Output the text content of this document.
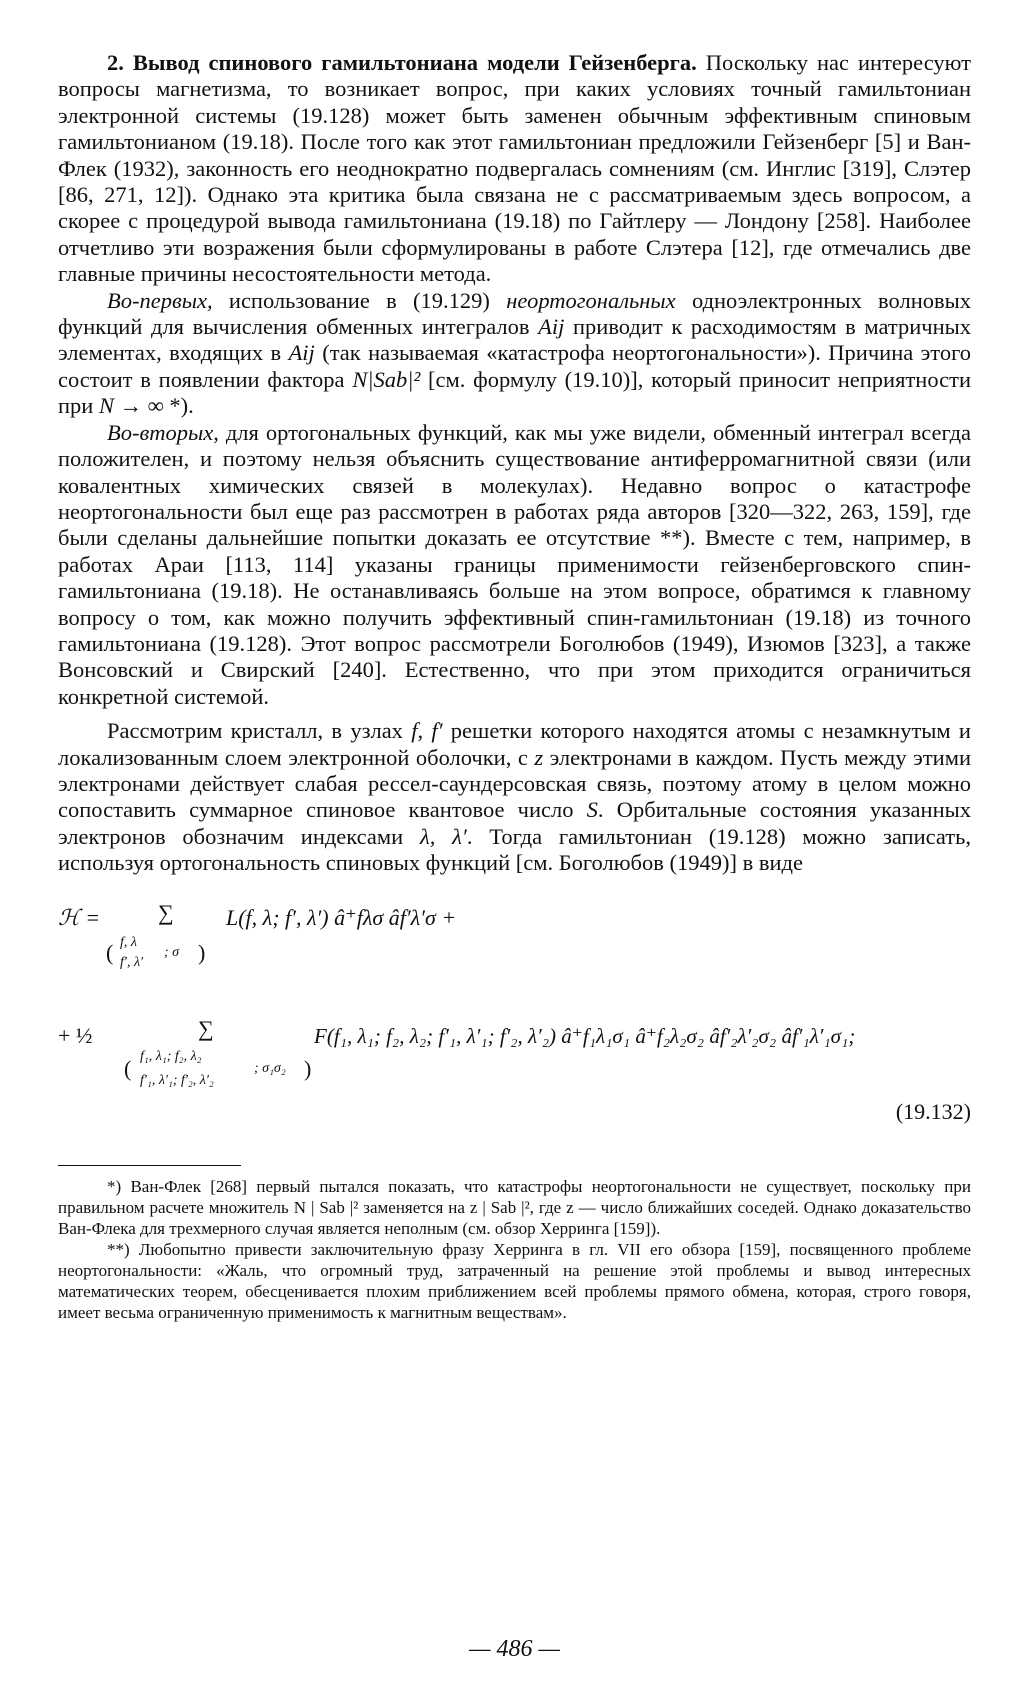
2. Вывод спинового гамильтониана модели Гейзенберга. Поскольку нас интересуют вопросы магнетизма, то возникает вопрос, при каких условиях точный гамильтониан электронной системы (19.128) может быть заменен обычным эффективным спиновым гамильтонианом (19.18). После того как этот гамильтониан предложили Гейзенберг [5] и Ван-Флек (1932), законность его неоднократно подвергалась сомнениям (см. Инглис [319], Слэтер [86, 271, 12]). Однако эта критика была связана не с рассматриваемым здесь вопросом, а скорее с процедурой вывода гамильтониана (19.18) по Гайтлеру — Лондону [258]. Наиболее отчетливо эти возражения были сформулированы в работе Слэтера [12], где отмечались две главные причины несостоятельности метода.

Во-первых, использование в (19.129) неортогональных одноэлектронных волновых функций для вычисления обменных интегралов Aij приводит к расходимостям в матричных элементах, входящих в Aij (так называемая «катастрофа неортогональности»). Причина этого состоит в появлении фактора N|Sab|² [см. формулу (19.10)], который приносит неприятности при N → ∞ *).

Во-вторых, для ортогональных функций, как мы уже видели, обменный интеграл всегда положителен, и поэтому нельзя объяснить существование антиферромагнитной связи (или ковалентных химических связей в молекулах). Недавно вопрос о катастрофе неортогональности был еще раз рассмотрен в работах ряда авторов [320—322, 263, 159], где были сделаны дальнейшие попытки доказать ее отсутствие **). Вместе с тем, например, в работах Араи [113, 114] указаны границы применимости гейзенберговского спин-гамильтониана (19.18). Не останавливаясь больше на этом вопросе, обратимся к главному вопросу о том, как можно получить эффективный спин-гамильтониан (19.18) из точного гамильтониана (19.128). Этот вопрос рассмотрели Боголюбов (1949), Изюмов [323], а также Вонсовский и Свирский [240]. Естественно, что при этом приходится ограничиться конкретной системой.

Рассмотрим кристалл, в узлах f, f′ решетки которого находятся атомы с незамкнутым и локализованным слоем электронной оболочки, с z электронами в каждом. Пусть между этими электронами действует слабая рессел-саундерсовская связь, поэтому атому в целом можно сопоставить суммарное спиновое квантовое число S. Орбитальные состояния указанных электронов обозначим индексами λ, λ′. Тогда гамильтониан (19.128) можно записать, используя ортогональность спиновых функций [см. Боголюбов (1949)] в виде

ℋ =	∑
( f, λ
f′, λ′
; σ )
L(f, λ; f′, λ′) â⁺fλσ âf′λ′σ +
+ ½	∑
( f₁, λ₁; f₂, λ₂
f′₁, λ′₁; f′₂, λ′₂
; σ₁σ₂ )
F(f₁, λ₁; f₂, λ₂; f′₁, λ′₁; f′₂, λ′₂) â⁺f₁λ₁σ₁ â⁺f₂λ₂σ₂ âf′₂λ′₂σ₂ âf′₁λ′₁σ₁;
(19.132)

*) Ван-Флек [268] первый пытался показать, что катастрофы неортогональности не существует, поскольку при правильном расчете множитель N | Sab |² заменяется на z | Sab |², где z — число ближайших соседей. Однако доказательство Ван-Флека для трехмерного случая является неполным (см. обзор Херринга [159]).

**) Любопытно привести заключительную фразу Херринга в гл. VII его обзора [159], посвященного проблеме неортогональности: «Жаль, что огромный труд, затраченный на решение этой проблемы и вывод интересных математических теорем, обесценивается плохим приближением всей проблемы прямого обмена, которая, строго говоря, имеет весьма ограниченную применимость к магнитным веществам».

— 486 —
